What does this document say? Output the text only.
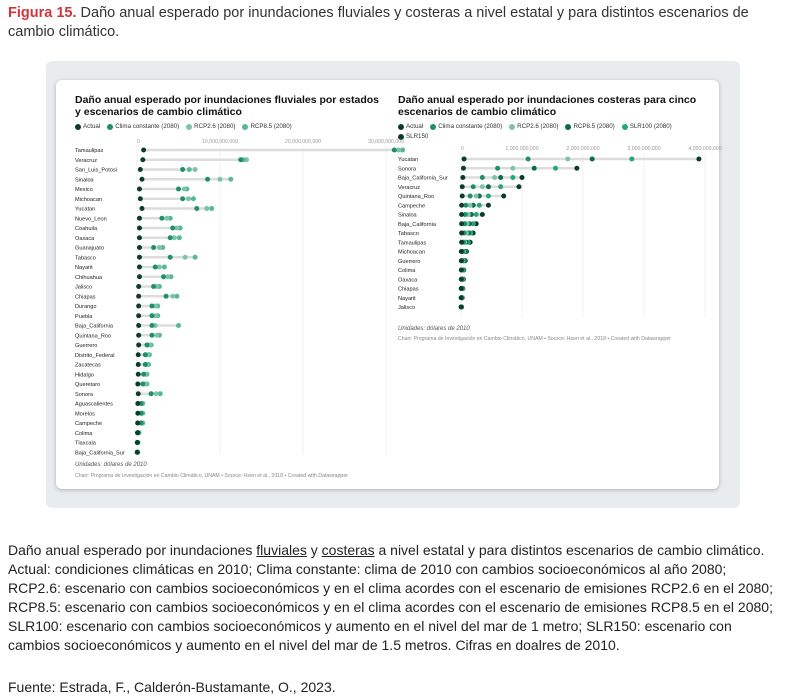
Figura 15. Daño anual esperado por inundaciones fluviales y costeras a nivel estatal y para distintos escenarios de cambio climático.
Daño anual esperado por inundaciones fluviales por estados y escenarios de cambio climático
Actual Clima constante (2080) RCP2.6 (2080) RCP8.5 (2080)
Daño anual esperado por inundaciones costeras para cinco escenarios de cambio climático
Actual Clima constante (2080) RCP2.6 (2080) RCP8.5 (2080) SLR100 (2080)
SLR150
0	10,000,000,000	20,000,000,000	30,000,000,000
Tamaulipas
Veracruz
San_Luis_Potosi
Sinaloa
Mexico
Michoacan
Yucatan
Nuevo_Leon
Coahuila
Oaxaca
Guanajuato
Tabasco
Nayarit
Chihuahua
Jalisco
Chiapas
Durango
Puebla
Baja_California
Quintana_Roo
Guerrero
Distrito_Federal
Zacatecas
Hidalgo
Queretaro
Sonora
Aguascalientes
Morelos
Campeche
Colima
Tlaxcala
Baja_California_Sur
0	1,000,000,000	2,000,000,000	3,000,000,000	4,000,000,000
Yucatan
Sonora
Baja_California_Sur
Veracruz
Quintana_Roo
Campeche
Sinaloa
Baja_California
Tabasco
Tamaulipas
Michoacan
Guerrero
Colima
Oaxaca
Chiapas
Nayarit
Jalisco
Unidades: dólares de 2010
Chart: Programa de Investigación en Cambio Climático, UNAM • Source: Hsen et al., 2018 • Created with Datawrapper
Unidades: dólares de 2010
Chart: Programa de Investigación en Cambio Climático, UNAM • Source: Hsen et al., 2018 • Created with Datawrapper
Daño anual esperado por inundaciones fluviales y costeras a nivel estatal y para distintos escenarios de cambio climático. Actual: condiciones climáticas en 2010; Clima constante: clima de 2010 con cambios socioeconómicos al año 2080; RCP2.6: escenario con cambios socioeconómicos y en el clima acordes con el escenario de emisiones RCP2.6 en el 2080; RCP8.5: escenario con cambios socioeconómicos y en el clima acordes con el escenario de emisiones RCP8.5 en el 2080; SLR100: escenario con cambios socioeconómicos y aumento en el nivel del mar de 1 metro; SLR150: escenario con cambios socioeconómicos y aumento en el nivel del mar de 1.5 metros. Cifras en doalres de 2010.
Fuente: Estrada, F., Calderón-Bustamante, O., 2023.
